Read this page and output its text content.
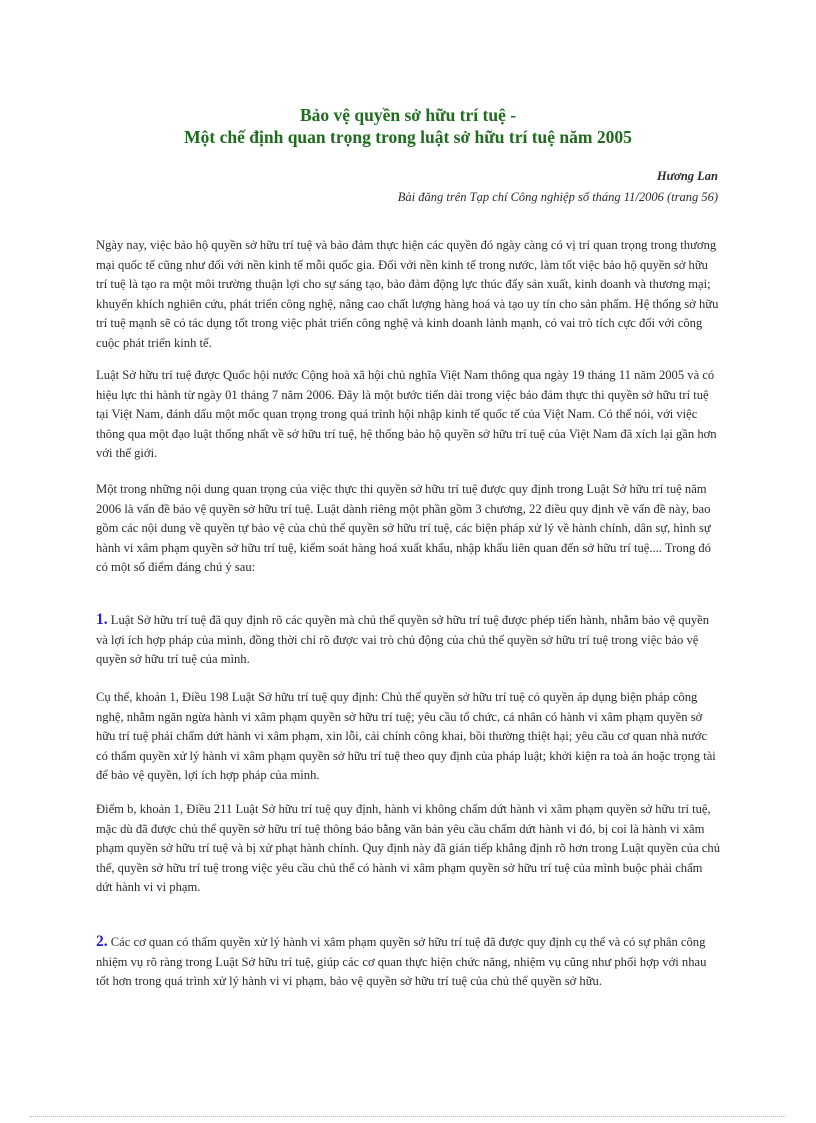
Bảo vệ quyền sở hữu trí tuệ -
Một chế định quan trọng trong luật sở hữu trí tuệ năm 2005
Hương Lan
Bài đăng trên Tạp chí Công nghiệp số tháng 11/2006 (trang 56)

Ngày nay, việc bảo hộ quyền sở hữu trí tuệ và bảo đảm thực hiện các quyền đó ngày càng có vị trí quan trọng trong thương mại quốc tế cũng như đối với nền kinh tế mỗi quốc gia. Đối với nền kinh tế trong nước, làm tốt việc bảo hộ quyền sở hữu trí tuệ là tạo ra một môi trường thuận lợi cho sự sáng tạo, bảo đảm động lực thúc đẩy sản xuất, kinh doanh và thương mại; khuyến khích nghiên cứu, phát triển công nghệ, nâng cao chất lượng hàng hoá và tạo uy tín cho sản phẩm. Hệ thống sở hữu trí tuệ mạnh sẽ có tác dụng tốt trong việc phát triển công nghệ và kinh doanh lành mạnh, có vai trò tích cực đối với công cuộc phát triển kinh tế.

Luật Sở hữu trí tuệ được Quốc hội nước Cộng hoà xã hội chủ nghĩa Việt Nam thông qua ngày 19 tháng 11 năm 2005 và có hiệu lực thi hành từ ngày 01 tháng 7 năm 2006. Đây là một bước tiến dài trong việc bảo đảm thực thi quyền sở hữu trí tuệ tại Việt Nam, đánh dấu một mốc quan trọng trong quá trình hội nhập kinh tế quốc tế của Việt Nam. Có thể nói, với việc thông qua một đạo luật thống nhất về sở hữu trí tuệ, hệ thống bảo hộ quyền sở hữu trí tuệ của Việt Nam đã xích lại gần hơn với thế giới.

Một trong những nội dung quan trọng của việc thực thi quyền sở hữu trí tuệ được quy định trong Luật Sở hữu trí tuệ năm 2006 là vấn đề bảo vệ quyền sở hữu trí tuệ. Luật dành riêng một phần gồm 3 chương, 22 điều quy định về vấn đề này, bao gồm các nội dung về quyền tự bảo vệ của chủ thể quyền sở hữu trí tuệ, các biện pháp xử lý về hành chính, dân sự, hình sự hành vi xâm phạm quyền sở hữu trí tuệ, kiểm soát hàng hoá xuất khẩu, nhập khẩu liên quan đến sở hữu trí tuệ.... Trong đó có một số điểm đáng chú ý sau:

1. Luật Sở hữu trí tuệ đã quy định rõ các quyền mà chủ thể quyền sở hữu trí tuệ được phép tiến hành, nhằm bảo vệ quyền và lợi ích hợp pháp của mình, đồng thời chỉ rõ được vai trò chủ động của chủ thể quyền sở hữu trí tuệ trong việc bảo vệ quyền sở hữu trí tuệ của mình.

Cụ thể, khoản 1, Điều 198 Luật Sở hữu trí tuệ quy định: Chủ thể quyền sở hữu trí tuệ có quyền áp dụng biện pháp công nghệ, nhằm ngăn ngừa hành vi xâm phạm quyền sở hữu trí tuệ; yêu cầu tổ chức, cá nhân có hành vi xâm phạm quyền sở hữu trí tuệ phải chấm dứt hành vi xâm phạm, xin lỗi, cải chính công khai, bồi thường thiệt hại; yêu cầu cơ quan nhà nước có thẩm quyền xử lý hành vi xâm phạm quyền sở hữu trí tuệ theo quy định của pháp luật; khởi kiện ra toà án hoặc trọng tài để bảo vệ quyền, lợi ích hợp pháp của mình.

Điểm b, khoản 1, Điều 211 Luật Sở hữu trí tuệ quy định, hành vi không chấm dứt hành vi xâm phạm quyền sở hữu trí tuệ, mặc dù đã được chủ thể quyền sở hữu trí tuệ thông báo bằng văn bản yêu cầu chấm dứt hành vi đó, bị coi là hành vi xâm phạm quyền sở hữu trí tuệ và bị xử phạt hành chính. Quy định này đã gián tiếp khẳng định rõ hơn trong Luật quyền của chủ thể, quyền sở hữu trí tuệ trong việc yêu cầu chủ thể có hành vi xâm phạm quyền sở hữu trí tuệ của mình buộc phải chấm dứt hành vi vi phạm.

2. Các cơ quan có thẩm quyền xử lý hành vi xâm phạm quyền sở hữu trí tuệ đã được quy định cụ thể và có sự phân công nhiệm vụ rõ ràng trong Luật Sở hữu trí tuệ, giúp các cơ quan thực hiện chức năng, nhiệm vụ cũng như phối hợp với nhau tốt hơn trong quá trình xử lý hành vi vi phạm, bảo vệ quyền sở hữu trí tuệ của chủ thể quyền sở hữu.
